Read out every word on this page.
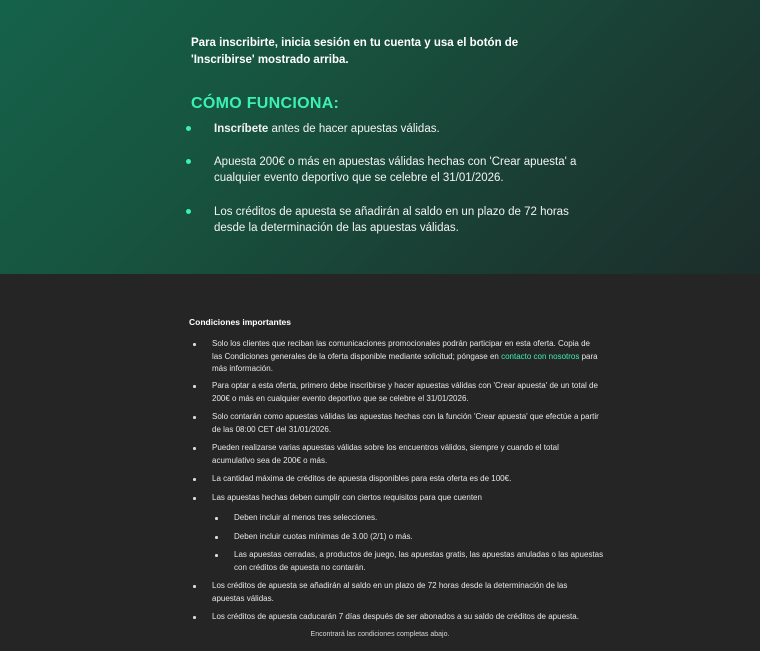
Para inscribirte, inicia sesión en tu cuenta y usa el botón de 'Inscribirse' mostrado arriba.

CÓMO FUNCIONA:
Inscríbete antes de hacer apuestas válidas.
Apuesta 200€ o más en apuestas válidas hechas con 'Crear apuesta' a cualquier evento deportivo que se celebre el 31/01/2026.
Los créditos de apuesta se añadirán al saldo en un plazo de 72 horas desde la determinación de las apuestas válidas.
Condiciones importantes
Solo los clientes que reciban las comunicaciones promocionales podrán participar en esta oferta. Copia de las Condiciones generales de la oferta disponible mediante solicitud; póngase en contacto con nosotros para más información.
Para optar a esta oferta, primero debe inscribirse y hacer apuestas válidas con 'Crear apuesta' de un total de 200€ o más en cualquier evento deportivo que se celebre el 31/01/2026.
Solo contarán como apuestas válidas las apuestas hechas con la función 'Crear apuesta' que efectúe a partir de las 08:00 CET del 31/01/2026.
Pueden realizarse varias apuestas válidas sobre los encuentros válidos, siempre y cuando el total acumulativo sea de 200€ o más.
La cantidad máxima de créditos de apuesta disponibles para esta oferta es de 100€.
Las apuestas hechas deben cumplir con ciertos requisitos para que cuenten
Deben incluir al menos tres selecciones.
Deben incluir cuotas mínimas de 3.00 (2/1) o más.
Las apuestas cerradas, a productos de juego, las apuestas gratis, las apuestas anuladas o las apuestas con créditos de apuesta no contarán.
Los créditos de apuesta se añadirán al saldo en un plazo de 72 horas desde la determinación de las apuestas válidas.
Los créditos de apuesta caducarán 7 días después de ser abonados a su saldo de créditos de apuesta.

Encontrará las condiciones completas abajo.
